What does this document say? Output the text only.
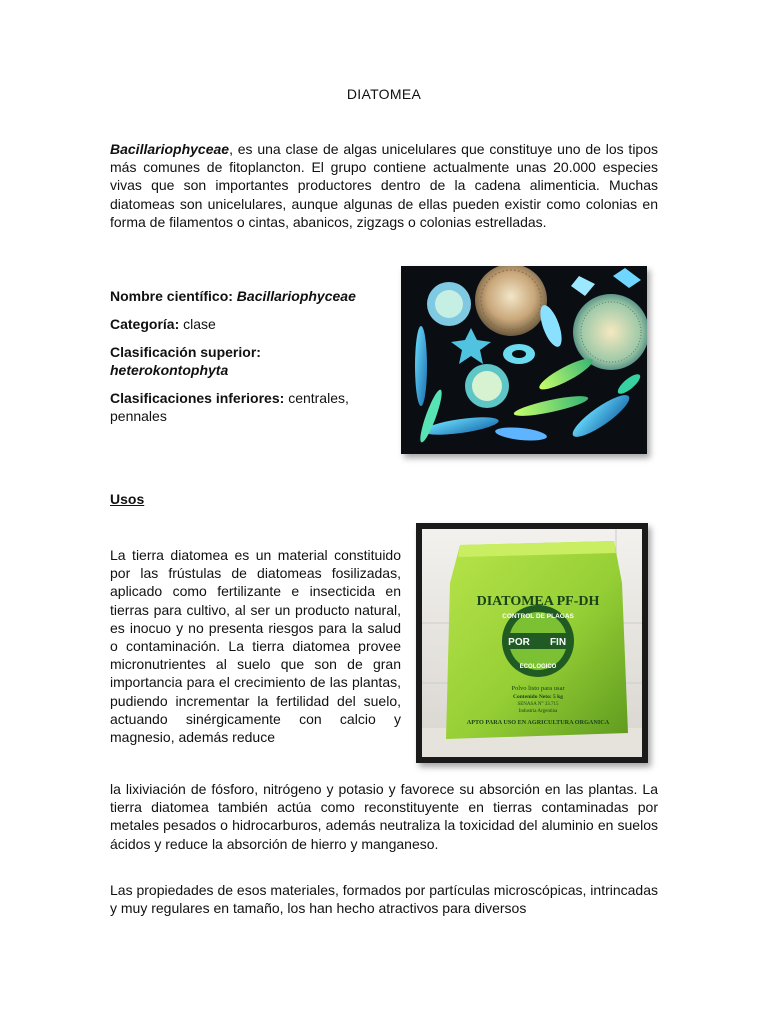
DIATOMEA

Bacillariophyceae, es una clase de algas unicelulares que constituye uno de los tipos más comunes de fitoplancton. El grupo contiene actualmente unas 20.000 especies vivas que son importantes productores dentro de la cadena alimenticia. Muchas diatomeas son unicelulares, aunque algunas de ellas pueden existir como colonias en forma de filamentos o cintas, abanicos, zigzags o colonias estrelladas.

Nombre científico: Bacillariophyceae

Categoría: clase

Clasificación superior:
heterokontophyta

Clasificaciones inferiores: centrales, pennales

Usos

La tierra diatomea es un material constituido por las frústulas de diatomeas fosilizadas, aplicado como fertilizante e insecticida en tierras para cultivo, al ser un producto natural, es inocuo y no presenta riesgos para la salud o contaminación. La tierra diatomea provee micronutrientes al suelo que son de gran importancia para el crecimiento de las plantas, pudiendo incrementar la fertilidad del suelo, actuando sinérgicamente con calcio y magnesio, además reduce

DIATOMEA PF-DH
CONTROL DE PLAGAS
POR FIN
ECOLOGICO
Polvo listo para usar
Contenido Neto: 5 kg
SENASA N° 33.715
Industria Argentina
APTO PARA USO EN AGRICULTURA ORGANICA

la lixiviación de fósforo, nitrógeno y potasio y favorece su absorción en las plantas. La tierra diatomea también actúa como reconstituyente en tierras contaminadas por metales pesados o hidrocarburos, además neutraliza la toxicidad del aluminio en suelos ácidos y reduce la absorción de hierro y manganeso.

Las propiedades de esos materiales, formados por partículas microscópicas, intrincadas y muy regulares en tamaño, los han hecho atractivos para diversos
